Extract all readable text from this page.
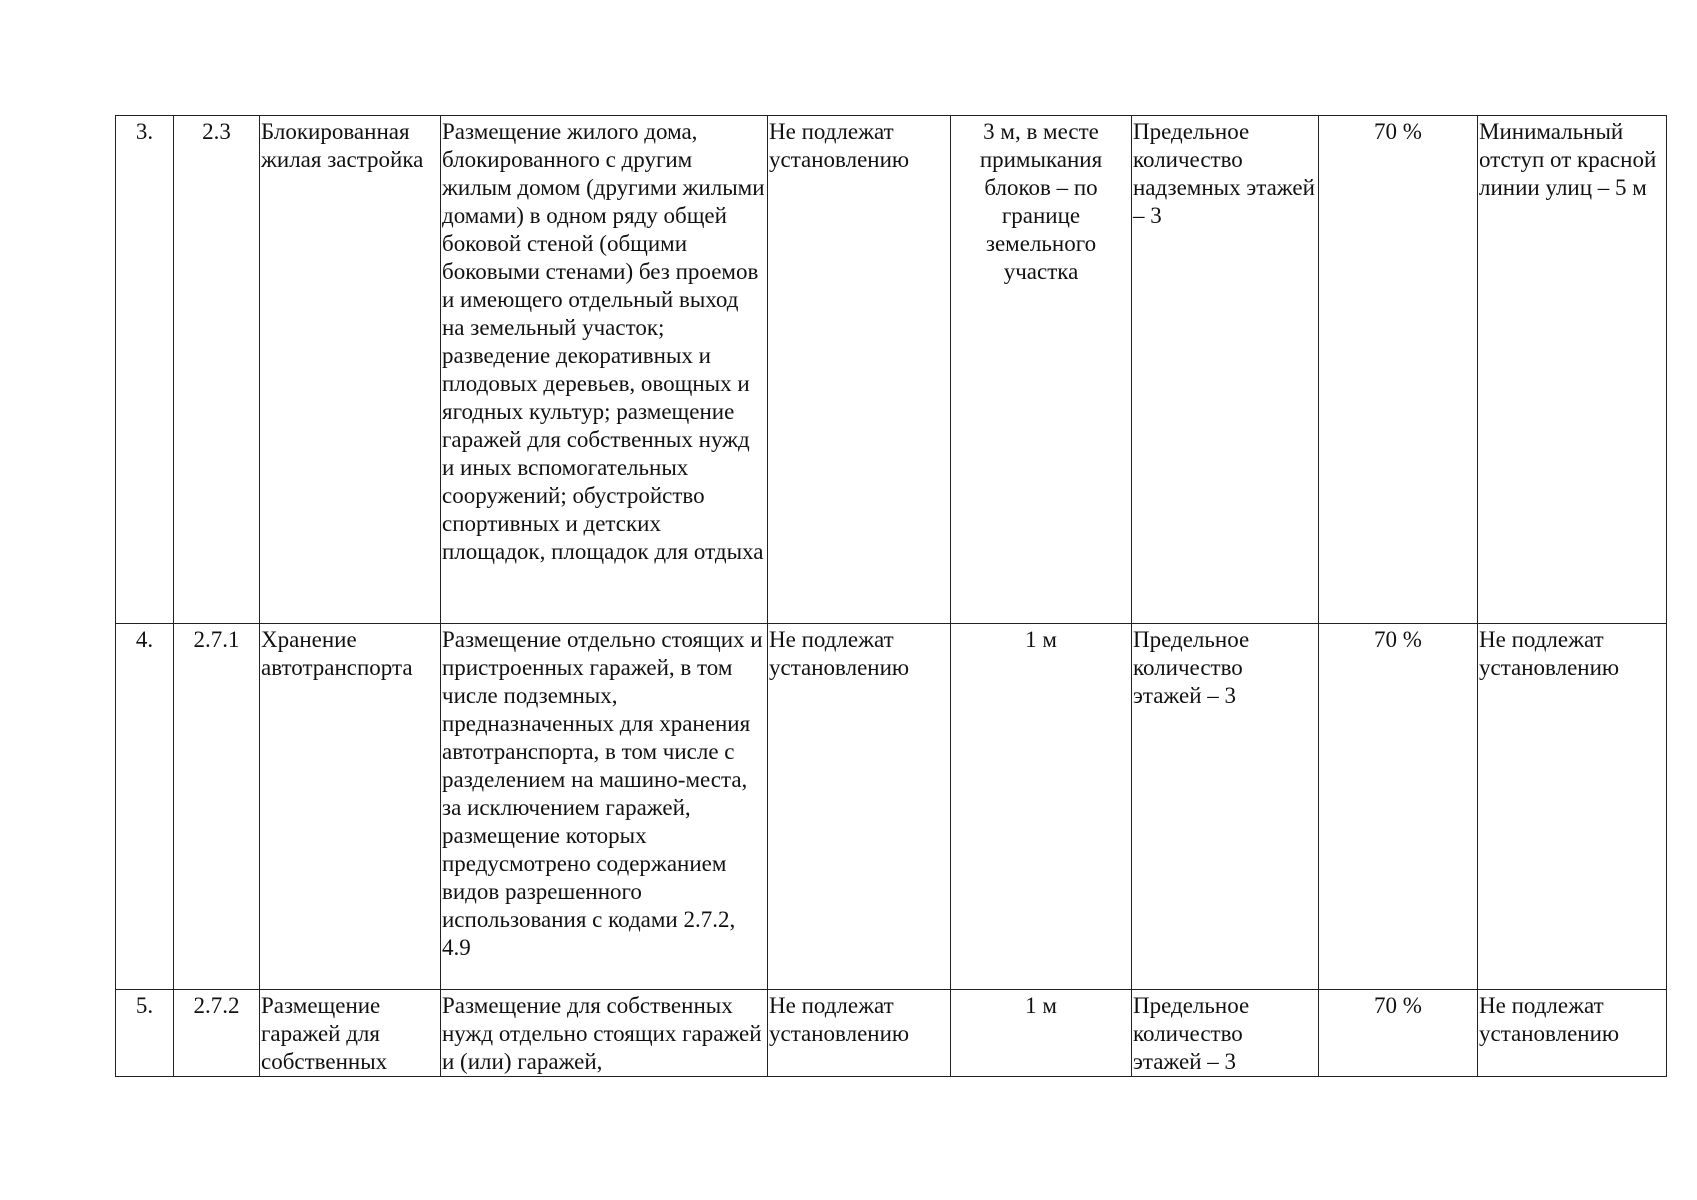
3.	2.3	Блокированная жилая застройка	Размещение жилого дома, блокированного с другим жилым домом (другими жилыми домами) в одном ряду общей боковой стеной (общими боковыми стенами) без проемов и имеющего отдельный выход на земельный участок; разведение декоративных и плодовых деревьев, овощных и ягодных культур; размещение гаражей для собственных нужд и иных вспомогательных сооружений; обустройство спортивных и детских площадок, площадок для отдыха	Не подлежат установлению	3 м, в месте примыкания блоков – по границе земельного участка	Предельное количество надземных этажей – 3	70 %	Минимальный отступ от красной линии улиц – 5 м
4.	2.7.1	Хранение автотранспорта	Размещение отдельно стоящих и пристроенных гаражей, в том числе подземных, предназначенных для хранения автотранспорта, в том числе с разделением на машино-места, за исключением гаражей, размещение которых предусмотрено содержанием видов разрешенного использования с кодами 2.7.2, 4.9	Не подлежат установлению	1 м	Предельное количество этажей – 3	70 %	Не подлежат установлению
5.	2.7.2	Размещение гаражей для собственных	Размещение для собственных нужд отдельно стоящих гаражей и (или) гаражей,	Не подлежат установлению	1 м	Предельное количество этажей – 3	70 %	Не подлежат установлению
